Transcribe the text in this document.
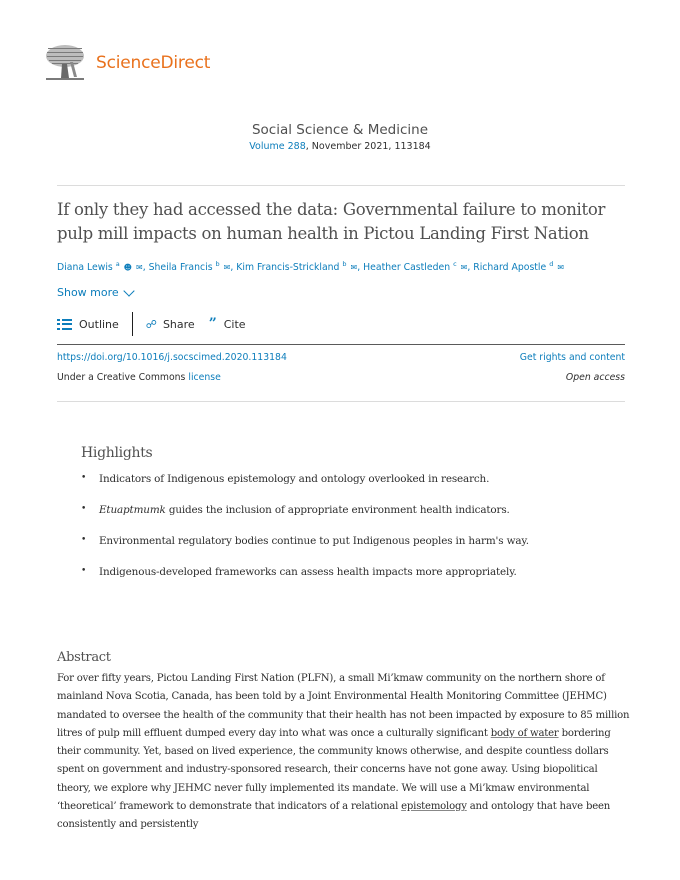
ScienceDirect
Social Science & Medicine
Volume 288, November 2021, 113184
If only they had accessed the data: Governmental failure to monitor pulp mill impacts on human health in Pictou Landing First Nation
Diana Lewis $^a$ ☻ ✉, Sheila Francis $^b$ ✉, Kim Francis-Strickland $^b$ ✉, Heather Castleden $^c$ ✉, Richard Apostle $^d$ ✉
Show more
Outline ☍ Share ” Cite
https://doi.org/10.1016/j.socscimed.2020.113184	Get rights and content
Under a Creative Commons license	Open access
Highlights
• Indicators of Indigenous epistemology and ontology overlooked in research.
• Etuaptmumk guides the inclusion of appropriate environment health indicators.
• Environmental regulatory bodies continue to put Indigenous peoples in harm's way.
• Indigenous-developed frameworks can assess health impacts more appropriately.
Abstract

For over fifty years, Pictou Landing First Nation (PLFN), a small Mi’kmaw community on the northern shore of mainland Nova Scotia, Canada, has been told by a Joint Environmental Health Monitoring Committee (JEHMC) mandated to oversee the health of the community that their health has not been impacted by exposure to 85 million litres of pulp mill effluent dumped every day into what was once a culturally significant body of water bordering their community. Yet, based on lived experience, the community knows otherwise, and despite countless dollars spent on government and industry-sponsored research, their concerns have not gone away. Using biopolitical theory, we explore why JEHMC never fully implemented its mandate. We will use a Mi’kmaw environmental ‘theoretical’ framework to demonstrate that indicators of a relational epistemology and ontology that have been consistently and persistently
